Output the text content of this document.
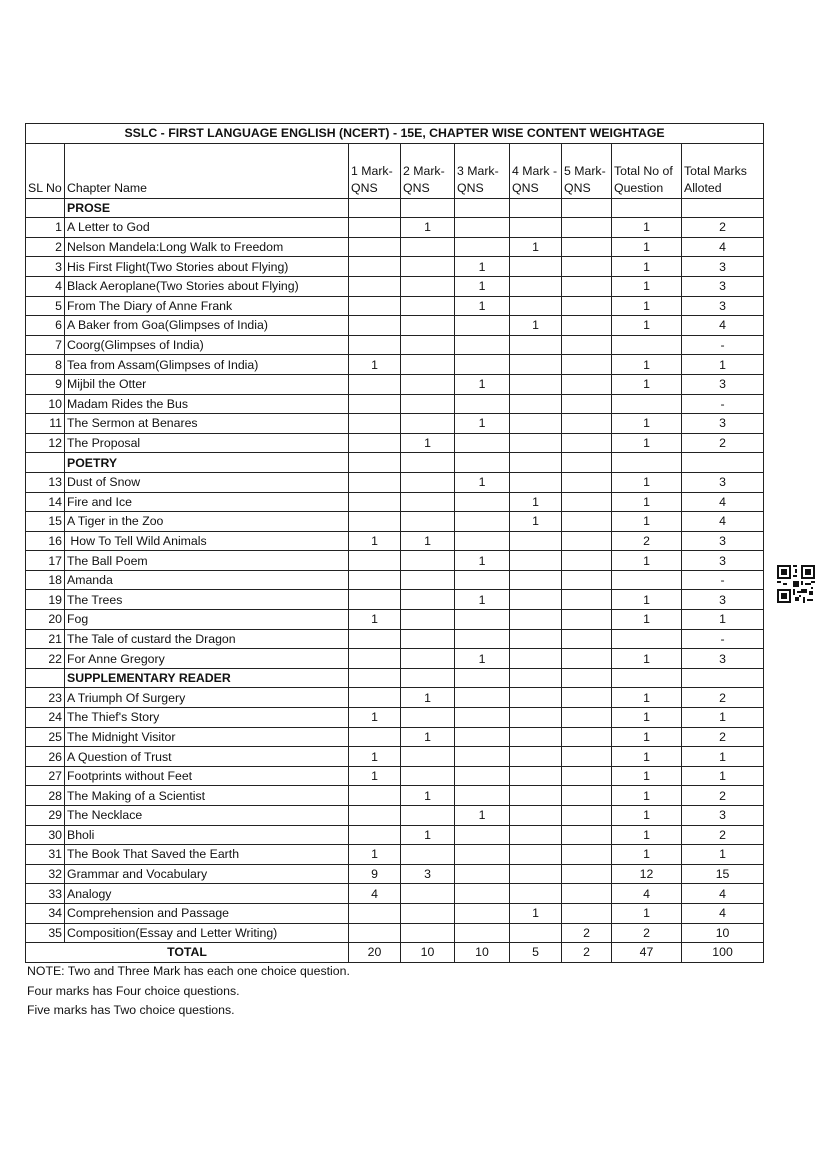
SSLC - FIRST LANGUAGE ENGLISH (NCERT) - 15E, CHAPTER WISE CONTENT WEIGHTAGE								
SL No	Chapter Name	1 Mark- QNS	2 Mark- QNS	3 Mark- QNS	4 Mark - QNS	5 Mark- QNS	Total No of Question	Total Marks Alloted
	PROSE							
1	A Letter to God		1				1	2
2	Nelson Mandela:Long Walk to Freedom				1		1	4
3	His First Flight(Two Stories about Flying)			1			1	3
4	Black Aeroplane(Two Stories about Flying)			1			1	3
5	From The Diary of Anne Frank			1			1	3
6	A Baker from Goa(Glimpses of India)				1		1	4
7	Coorg(Glimpses of India)							-
8	Tea from Assam(Glimpses of India)	1					1	1
9	Mijbil the Otter			1			1	3
10	Madam Rides the Bus							-
11	The Sermon at Benares			1			1	3
12	The Proposal		1				1	2
	POETRY							
13	Dust of Snow			1			1	3
14	Fire and Ice				1		1	4
15	A Tiger in the Zoo				1		1	4
16	How To Tell Wild Animals	1	1				2	3
17	The Ball Poem			1			1	3
18	Amanda							-
19	The Trees			1			1	3
20	Fog	1					1	1
21	The Tale of custard the Dragon							-
22	For Anne Gregory			1			1	3
	SUPPLEMENTARY READER							
23	A Triumph Of Surgery		1				1	2
24	The Thief's Story	1					1	1
25	The Midnight Visitor		1				1	2
26	A Question of Trust	1					1	1
27	Footprints without Feet	1					1	1
28	The Making of a Scientist		1				1	2
29	The Necklace			1			1	3
30	Bholi		1				1	2
31	The Book That Saved the Earth	1					1	1
32	Grammar and Vocabulary	9	3				12	15
33	Analogy	4					4	4
34	Comprehension and Passage				1		1	4
35	Composition(Essay and Letter Writing)					2	2	10
TOTAL		20	10	10	5	2	47	100
NOTE: Two and Three Mark has each one choice question.
Four marks has Four choice questions.
Five marks has Two choice questions.
